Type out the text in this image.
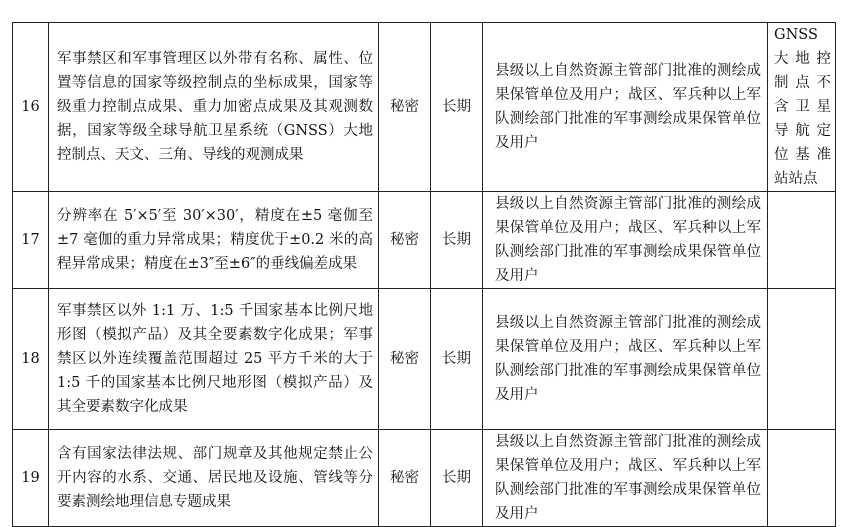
16	军事禁区和军事管理区以外带有名称、属性、位置等信息的国家等级控制点的坐标成果，国家等级重力控制点成果、重力加密点成果及其观测数据，国家等级全球导航卫星系统（GNSS）大地控制点、天文、三角、导线的观测成果	秘密	长期	县级以上自然资源主管部门批准的测绘成果保管单位及用户；战区、军兵种以上军队测绘部门批准的军事测绘成果保管单位及用户	GNSS 大地控制点不含卫星导航定位基准站站点

17	分辨率在 5′×5′至 30′×30′，精度在±5 毫伽至±7 毫伽的重力异常成果；精度优于±0.2 米的高程异常成果；精度在±3″至±6″的垂线偏差成果	秘密	长期	县级以上自然资源主管部门批准的测绘成果保管单位及用户；战区、军兵种以上军队测绘部门批准的军事测绘成果保管单位及用户	

18	军事禁区以外 1:1 万、1:5 千国家基本比例尺地形图（模拟产品）及其全要素数字化成果；军事禁区以外连续覆盖范围超过 25 平方千米的大于 1:5 千的国家基本比例尺地形图（模拟产品）及其全要素数字化成果	秘密	长期	县级以上自然资源主管部门批准的测绘成果保管单位及用户；战区、军兵种以上军队测绘部门批准的军事测绘成果保管单位及用户	

19	含有国家法律法规、部门规章及其他规定禁止公开内容的水系、交通、居民地及设施、管线等分要素测绘地理信息专题成果	秘密	长期	县级以上自然资源主管部门批准的测绘成果保管单位及用户；战区、军兵种以上军队测绘部门批准的军事测绘成果保管单位及用户	
